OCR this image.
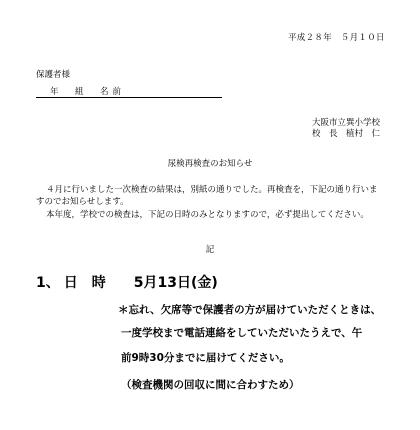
平成２８年　５月１０日
保護者様
年　組　名前
大阪市立巽小学校
校　長　植村　仁
尿検再検査のお知らせ
４月に行いました一次検査の結果は，別紙の通りでした。再検査を，下記の通り行いますのでお知らせします。
本年度，学校での検査は，下記の日時のみとなりますので，必ず提出してください。
記
1、 日 時 5月13日(金)
＊忘れ、欠席等で保護者の方が届けていただくときは、
一度学校まで電話連絡をしていただいたうえで、午
前9時30分までに届けてください。
（検査機関の回収に間に合わすため）
